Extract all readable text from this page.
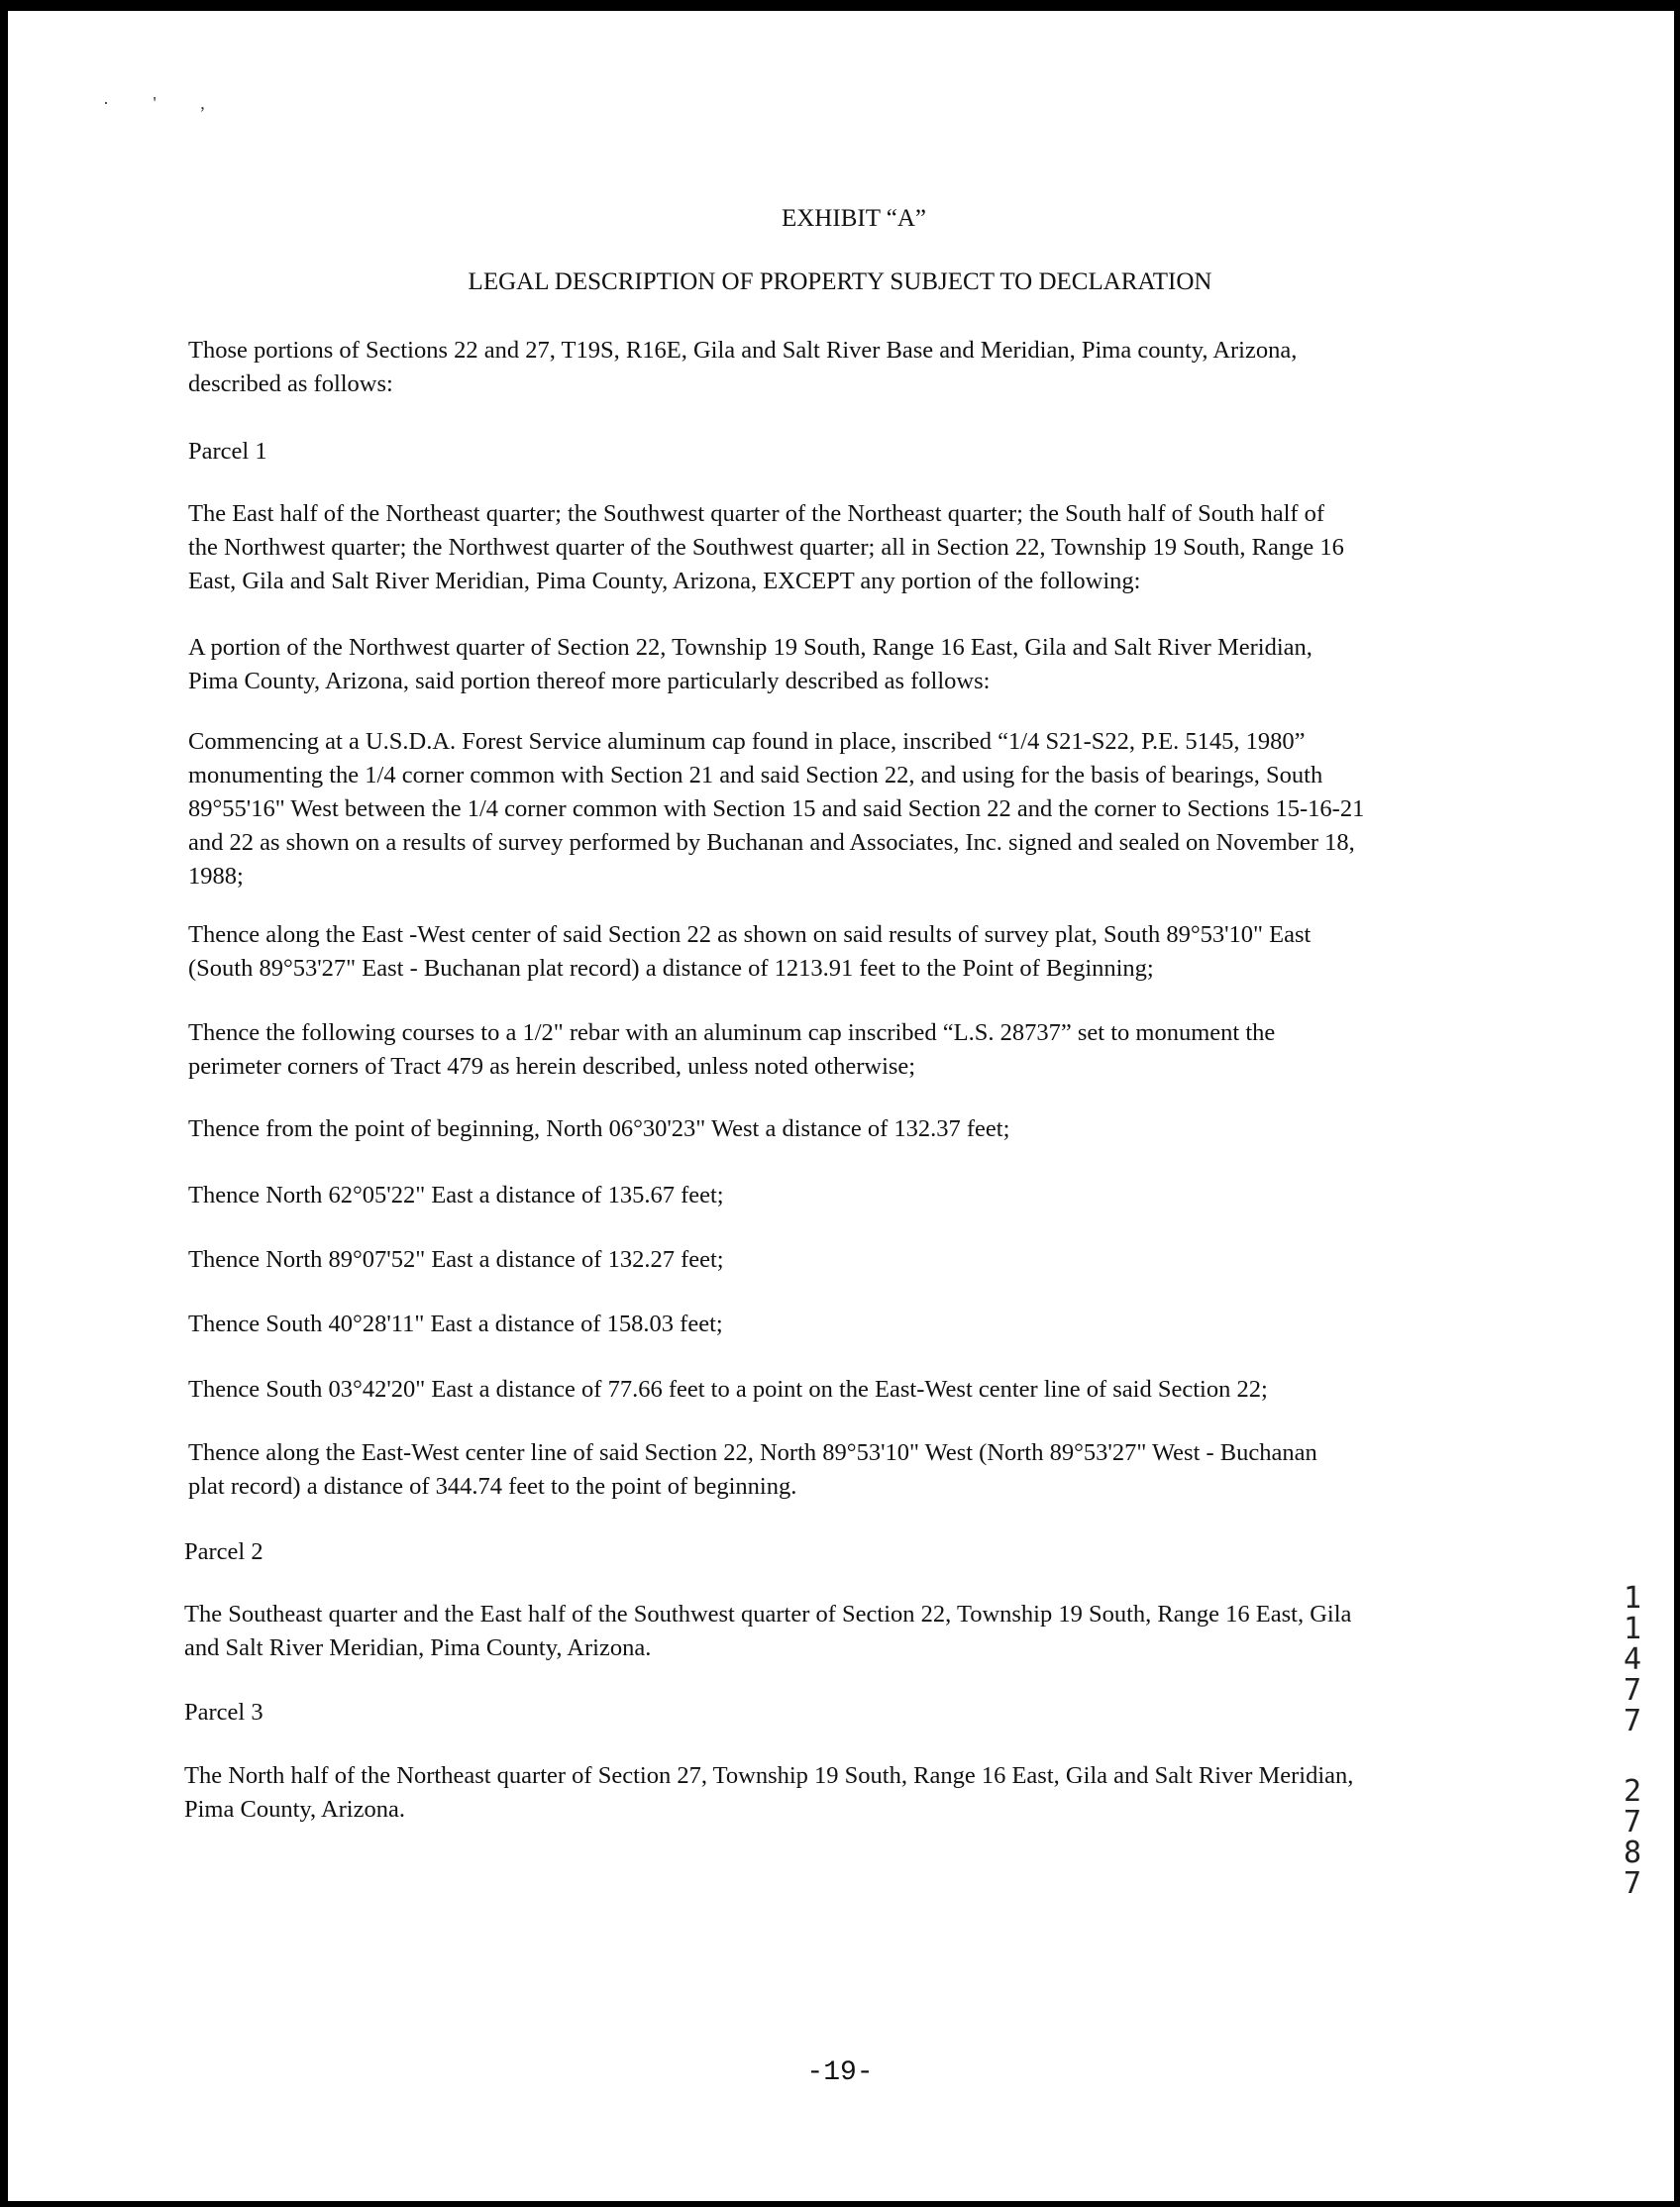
· ' ,
EXHIBIT “A”
LEGAL DESCRIPTION OF PROPERTY SUBJECT TO DECLARATION

Those portions of Sections 22 and 27, T19S, R16E, Gila and Salt River Base and Meridian, Pima county, Arizona,
described as follows:

Parcel 1

The East half of the Northeast quarter; the Southwest quarter of the Northeast quarter; the South half of South half of
the Northwest quarter; the Northwest quarter of the Southwest quarter; all in Section 22, Township 19 South, Range 16
East, Gila and Salt River Meridian, Pima County, Arizona, EXCEPT any portion of the following:

A portion of the Northwest quarter of Section 22, Township 19 South, Range 16 East, Gila and Salt River Meridian,
Pima County, Arizona, said portion thereof more particularly described as follows:

Commencing at a U.S.D.A. Forest Service aluminum cap found in place, inscribed “1/4 S21-S22, P.E. 5145, 1980”
monumenting the 1/4 corner common with Section 21 and said Section 22, and using for the basis of bearings, South
89°55'16" West between the 1/4 corner common with Section 15 and said Section 22 and the corner to Sections 15-16-21
and 22 as shown on a results of survey performed by Buchanan and Associates, Inc. signed and sealed on November 18,
1988;

Thence along the East -West center of said Section 22 as shown on said results of survey plat, South 89°53'10" East
(South 89°53'27" East - Buchanan plat record) a distance of 1213.91 feet to the Point of Beginning;

Thence the following courses to a 1/2" rebar with an aluminum cap inscribed “L.S. 28737” set to monument the
perimeter corners of Tract 479 as herein described, unless noted otherwise;

Thence from the point of beginning, North 06°30'23" West a distance of 132.37 feet;

Thence North 62°05'22" East a distance of 135.67 feet;

Thence North 89°07'52" East a distance of 132.27 feet;

Thence South 40°28'11" East a distance of 158.03 feet;

Thence South 03°42'20" East a distance of 77.66 feet to a point on the East-West center line of said Section 22;

Thence along the East-West center line of said Section 22, North 89°53'10" West (North 89°53'27" West - Buchanan
plat record) a distance of 344.74 feet to the point of beginning.

Parcel 2

The Southeast quarter and the East half of the Southwest quarter of Section 22, Township 19 South, Range 16 East, Gila
and Salt River Meridian, Pima County, Arizona.

Parcel 3

The North half of the Northeast quarter of Section 27, Township 19 South, Range 16 East, Gila and Salt River Meridian,
Pima County, Arizona.

1
1
4
7
7
2
7
8
7
-19-
